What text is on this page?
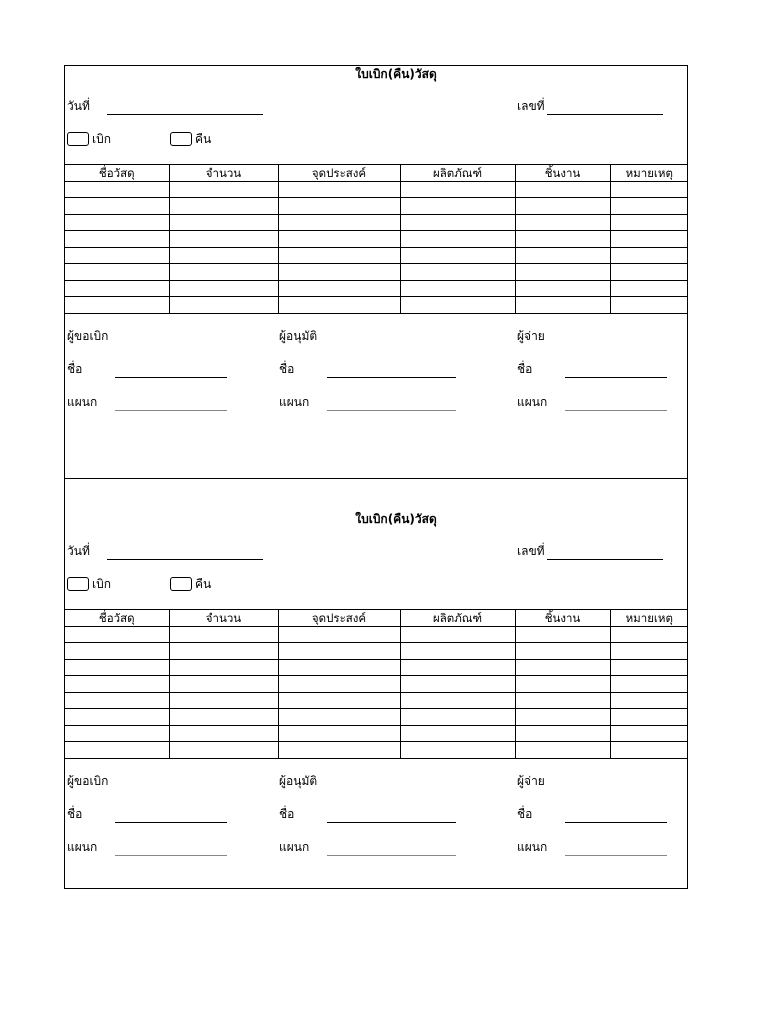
ใบเบิก(คืน)วัสดุ
วันที่	เลขที่
เบิก	คืน
ชื่อวัสดุ	จำนวน	จุดประสงค์	ผลิตภัณฑ์	ชิ้นงาน	หมายเหตุ

ผู้ขอเบิก	ผู้อนุมัติ	ผู้จ่าย
ชื่อ	ชื่อ	ชื่อ
แผนก	แผนก	แผนก
ใบเบิก(คืน)วัสดุ
วันที่	เลขที่
เบิก	คืน
ชื่อวัสดุ	จำนวน	จุดประสงค์	ผลิตภัณฑ์	ชิ้นงาน	หมายเหตุ

ผู้ขอเบิก	ผู้อนุมัติ	ผู้จ่าย
ชื่อ	ชื่อ	ชื่อ
แผนก	แผนก	แผนก
